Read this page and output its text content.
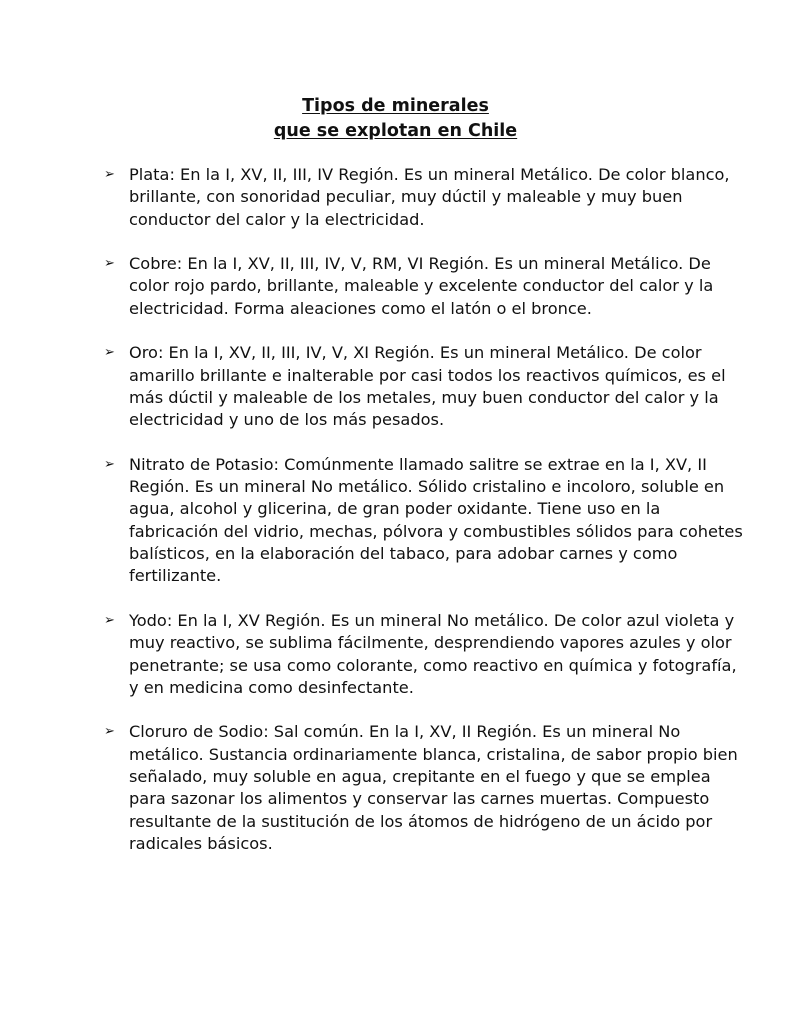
Tipos de minerales
que se explotan en Chile
➢ Plata: En la I, XV, II, III, IV Región. Es un mineral Metálico. De color blanco, brillante, con sonoridad peculiar, muy dúctil y maleable y muy buen conductor del calor y la electricidad.
➢ Cobre: En la I, XV, II, III, IV, V, RM, VI Región. Es un mineral Metálico. De color rojo pardo, brillante, maleable y excelente conductor del calor y la electricidad. Forma aleaciones como el latón o el bronce.
➢ Oro: En la I, XV, II, III, IV, V, XI Región. Es un mineral Metálico. De color amarillo brillante e inalterable por casi todos los reactivos químicos, es el más dúctil y maleable de los metales, muy buen conductor del calor y la electricidad y uno de los más pesados.
➢ Nitrato de Potasio: Comúnmente llamado salitre se extrae en la I, XV, II Región. Es un mineral No metálico. Sólido cristalino e incoloro, soluble en agua, alcohol y glicerina, de gran poder oxidante. Tiene uso en la fabricación del vidrio, mechas, pólvora y combustibles sólidos para cohetes balísticos, en la elaboración del tabaco, para adobar carnes y como fertilizante.
➢ Yodo: En la I, XV Región. Es un mineral No metálico. De color azul violeta y muy reactivo, se sublima fácilmente, desprendiendo vapores azules y olor penetrante; se usa como colorante, como reactivo en química y fotografía, y en medicina como desinfectante.
➢ Cloruro de Sodio: Sal común. En la I, XV, II Región. Es un mineral No metálico. Sustancia ordinariamente blanca, cristalina, de sabor propio bien señalado, muy soluble en agua, crepitante en el fuego y que se emplea para sazonar los alimentos y conservar las carnes muertas. Compuesto resultante de la sustitución de los átomos de hidrógeno de un ácido por radicales básicos.
